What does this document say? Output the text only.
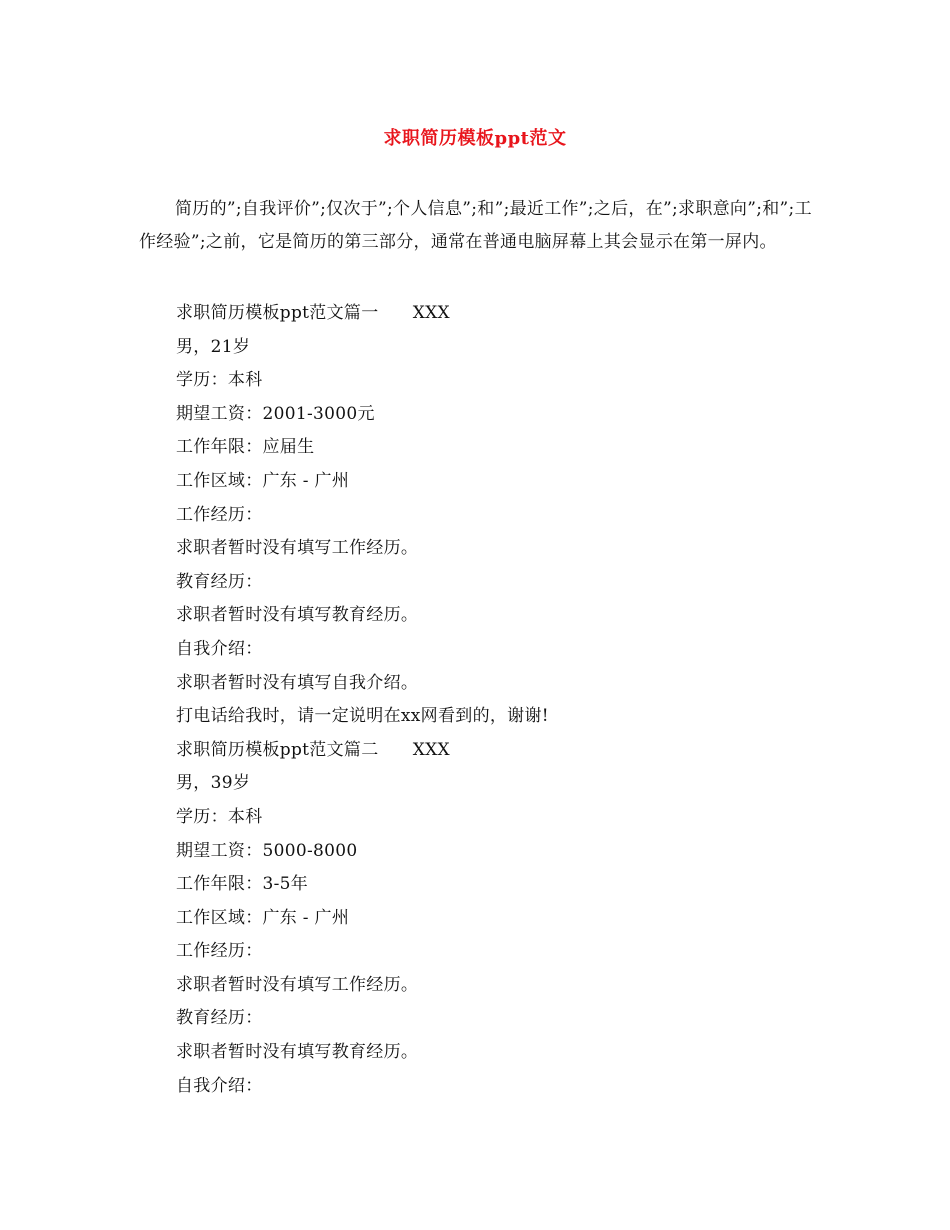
求职简历模板ppt范文
简历的”;自我评价”;仅次于”;个人信息”;和”;最近工作”;之后，在”;求职意向”;和”;工作经验”;之前，它是简历的第三部分，通常在普通电脑屏幕上其会显示在第一屏内。
求职简历模板ppt范文篇一      XXX
男，21岁
学历：本科
期望工资：2001-3000元
工作年限：应届生
工作区域：广东 - 广州
工作经历：
求职者暂时没有填写工作经历。
教育经历：
求职者暂时没有填写教育经历。
自我介绍：
求职者暂时没有填写自我介绍。
打电话给我时，请一定说明在xx网看到的，谢谢!
求职简历模板ppt范文篇二      XXX
男，39岁
学历：本科
期望工资：5000-8000
工作年限：3-5年
工作区域：广东 - 广州
工作经历：
求职者暂时没有填写工作经历。
教育经历：
求职者暂时没有填写教育经历。
自我介绍：
